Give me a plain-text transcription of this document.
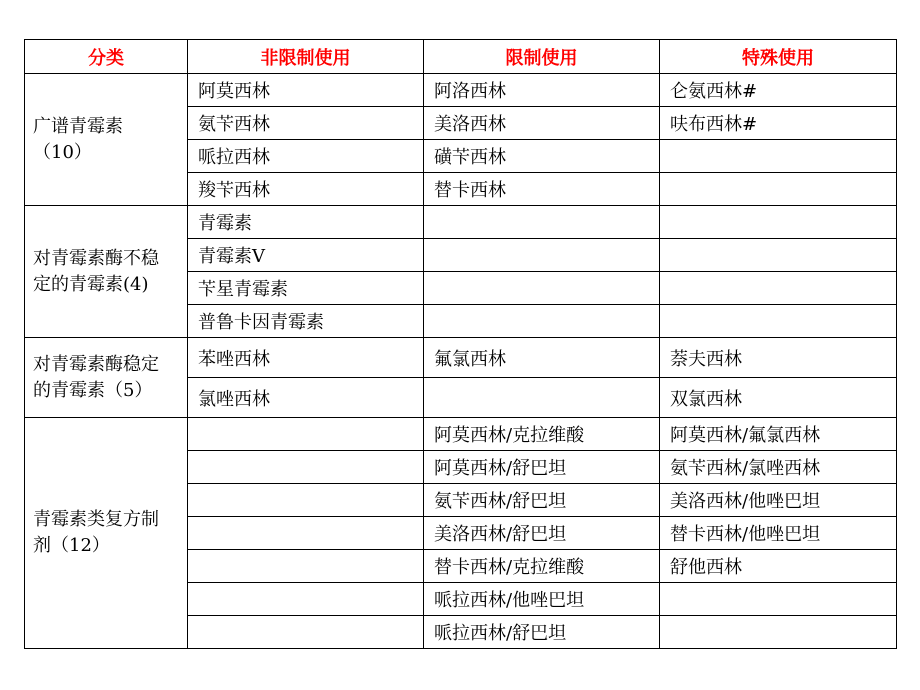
分类	非限制使用	限制使用	特殊使用

广谱青霉素
（10）	阿莫西林	阿洛西林	仑氨西林#
	氨苄西林	美洛西林	呋布西林#
	哌拉西林	磺苄西林	
	羧苄西林	替卡西林	

对青霉素酶不稳
定的青霉素(4)	青霉素		
	青霉素V		
	苄星青霉素		
	普鲁卡因青霉素		

对青霉素酶稳定
的青霉素（5）	苯唑西林	氟氯西林	萘夫西林
	氯唑西林		双氯西林

青霉素类复方制
剂（12）		阿莫西林/克拉维酸	阿莫西林/氟氯西林
		阿莫西林/舒巴坦	氨苄西林/氯唑西林
		氨苄西林/舒巴坦	美洛西林/他唑巴坦
		美洛西林/舒巴坦	替卡西林/他唑巴坦
		替卡西林/克拉维酸	舒他西林
		哌拉西林/他唑巴坦	
		哌拉西林/舒巴坦	
